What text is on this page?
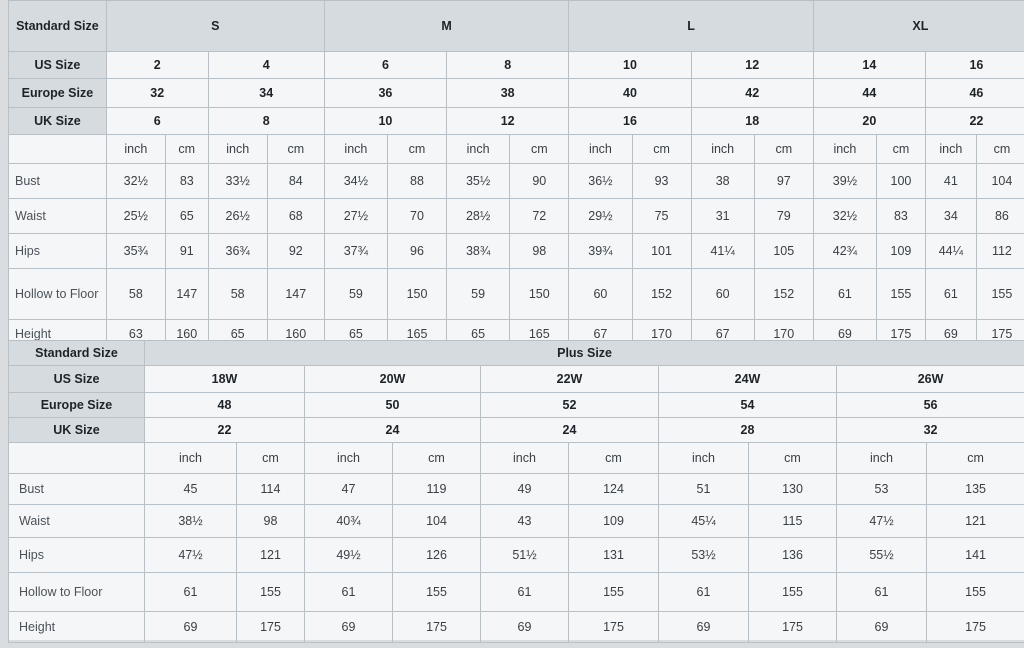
Standard Size	S				M				L				XL			
US Size	2		4		6		8		10		12		14		16	
Europe Size	32		34		36		38		40		42		44		46	
UK Size	6		8		10		12		16		18		20		22	
	inch	cm	inch	cm	inch	cm	inch	cm	inch	cm	inch	cm	inch	cm	inch	cm
Bust	32½	83	33½	84	34½	88	35½	90	36½	93	38	97	39½	100	41	104
Waist	25½	65	26½	68	27½	70	28½	72	29½	75	31	79	32½	83	34	86
Hips	35¾	91	36¾	92	37¾	96	38¾	98	39¾	101	41¼	105	42¾	109	44¼	112
Hollow to Floor	58	147	58	147	59	150	59	150	60	152	60	152	61	155	61	155
Height	63	160	65	160	65	165	65	165	67	170	67	170	69	175	69	175
Standard Size	Plus Size									
US Size	18W		20W		22W		24W		26W	
Europe Size	48		50		52		54		56	
UK Size	22		24		24		28		32	
	inch	cm	inch	cm	inch	cm	inch	cm	inch	cm
Bust	45	114	47	119	49	124	51	130	53	135
Waist	38½	98	40¾	104	43	109	45¼	115	47½	121
Hips	47½	121	49½	126	51½	131	53½	136	55½	141
Hollow to Floor	61	155	61	155	61	155	61	155	61	155
Height	69	175	69	175	69	175	69	175	69	175
